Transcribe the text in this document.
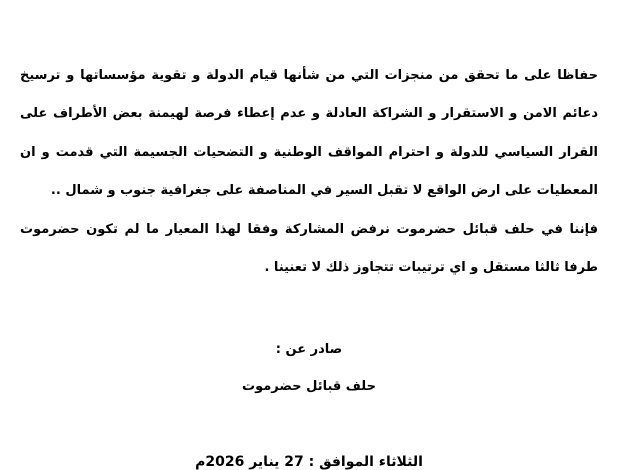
حفاظا على ما تحقق من منجزات التي من شأنها قيام الدولة و تقوية مؤسساتها و ترسيخ
دعائم الامن و الاستقرار و الشراكة العادلة و عدم إعطاء فرصة لهيمنة بعض الأطراف على
القرار السياسي للدولة و احترام المواقف الوطنية و التضحيات الجسيمة التي قدمت و ان
المعطيات على ارض الواقع لا تقبل السير في المناصفة على جغرافية جنوب و شمال ..
فإننا في حلف قبائل حضرموت نرفض المشاركة وفقا لهذا المعيار ما لم تكون حضرموت
طرفا ثالثا مستقل و اي ترتيبات تتجاوز ذلك لا تعنينا .
صادر عن :
حلف قبائل حضرموت
الثلاثاء الموافق : 27 يناير 2026م
